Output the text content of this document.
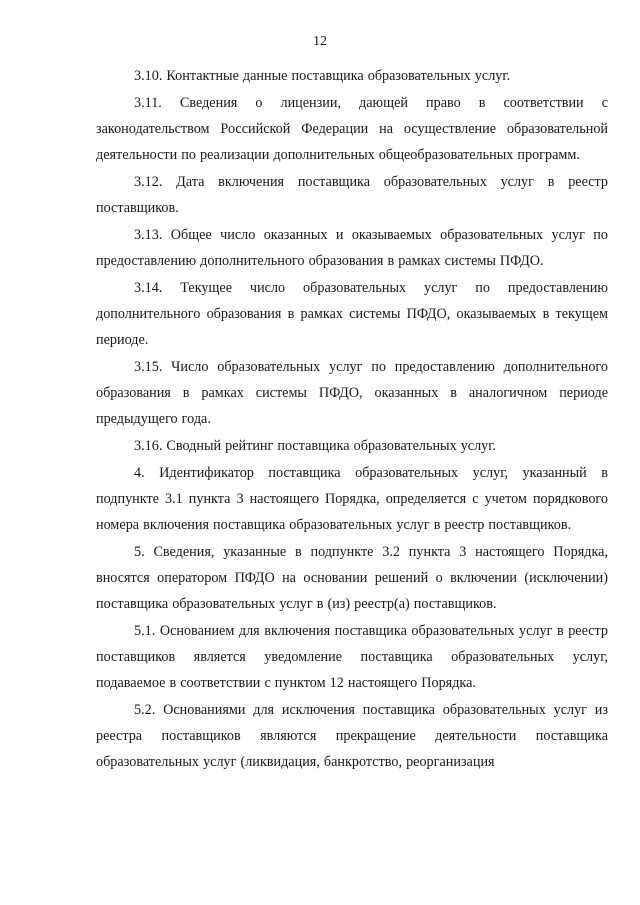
12

3.10. Контактные данные поставщика образовательных услуг.

3.11. Сведения о лицензии, дающей право в соответствии с законодательством Российской Федерации на осуществление образовательной деятельности по реализации дополнительных общеобразовательных программ.

3.12. Дата включения поставщика образовательных услуг в реестр поставщиков.

3.13. Общее число оказанных и оказываемых образовательных услуг по предоставлению дополнительного образования в рамках системы ПФДО.

3.14. Текущее число образовательных услуг по предоставлению дополнительного образования в рамках системы ПФДО, оказываемых в текущем периоде.

3.15. Число образовательных услуг по предоставлению дополнительного образования в рамках системы ПФДО, оказанных в аналогичном периоде предыдущего года.

3.16. Сводный рейтинг поставщика образовательных услуг.

4. Идентификатор поставщика образовательных услуг, указанный в подпункте 3.1 пункта 3 настоящего Порядка, определяется с учетом порядкового номера включения поставщика образовательных услуг в реестр поставщиков.

5. Сведения, указанные в подпункте 3.2 пункта 3 настоящего Порядка, вносятся оператором ПФДО на основании решений о включении (исключении) поставщика образовательных услуг в (из) реестр(а) поставщиков.

5.1. Основанием для включения поставщика образовательных услуг в реестр поставщиков является уведомление поставщика образовательных услуг, подаваемое в соответствии с пунктом 12 настоящего Порядка.

5.2. Основаниями для исключения поставщика образовательных услуг из реестра поставщиков являются прекращение деятельности поставщика образовательных услуг (ликвидация, банкротство, реорганизация
